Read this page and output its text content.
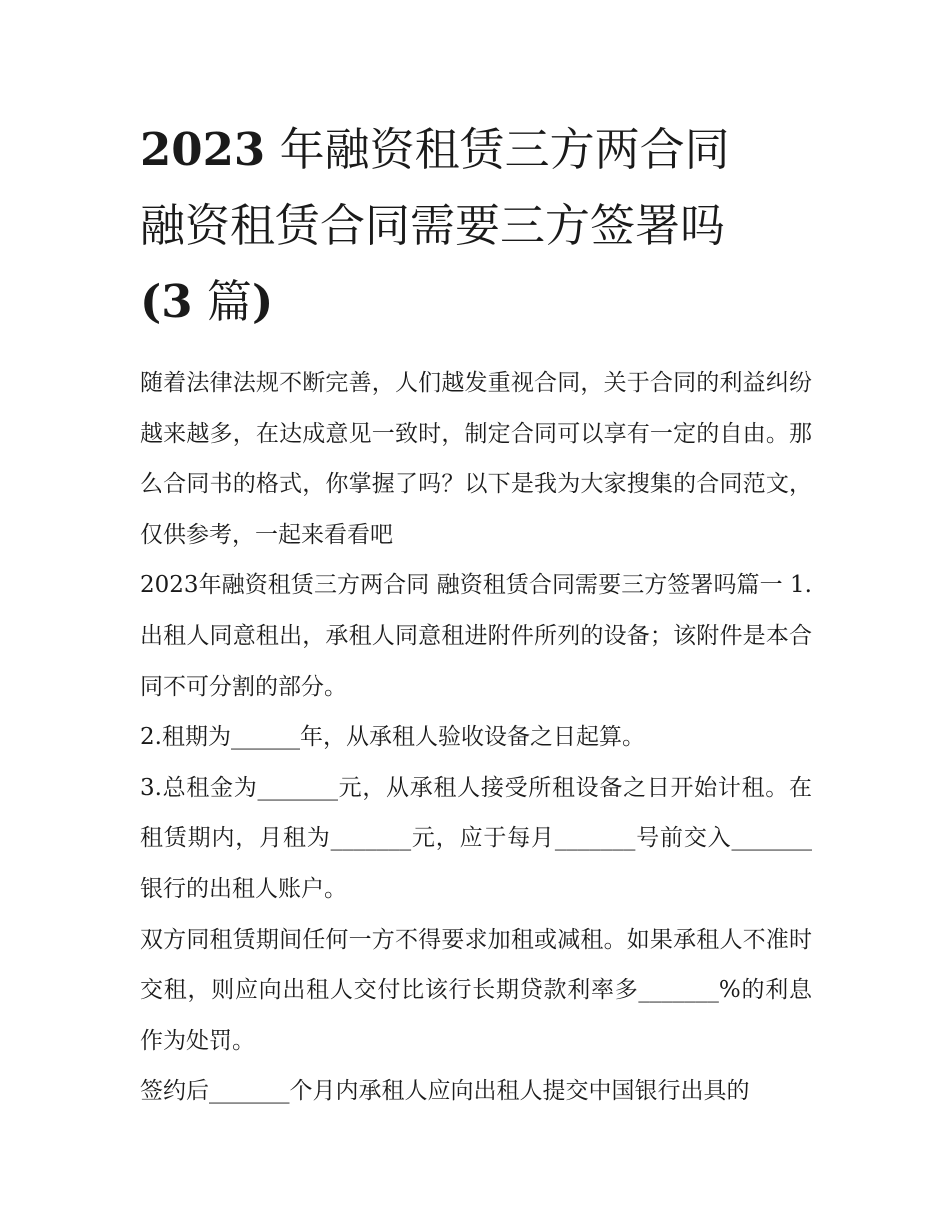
2023 年融资租赁三方两合同
融资租赁合同需要三方签署吗
(3 篇)

随着法律法规不断完善，人们越发重视合同，关于合同的利益纠纷越来越多，在达成意见一致时，制定合同可以享有一定的自由。那么合同书的格式，你掌握了吗？以下是我为大家搜集的合同范文，仅供参考，一起来看看吧

2023年融资租赁三方两合同 融资租赁合同需要三方签署吗篇一 1.出租人同意租出，承租人同意租进附件所列的设备；该附件是本合同不可分割的部分。

2.租期为______年，从承租人验收设备之日起算。

3.总租金为_______元，从承租人接受所租设备之日开始计租。在租赁期内，月租为_______元，应于每月_______号前交入_______银行的出租人账户。

双方同租赁期间任何一方不得要求加租或减租。如果承租人不准时交租，则应向出租人交付比该行长期贷款利率多_______%的利息作为处罚。

签约后_______个月内承租人应向出租人提交中国银行出具的
